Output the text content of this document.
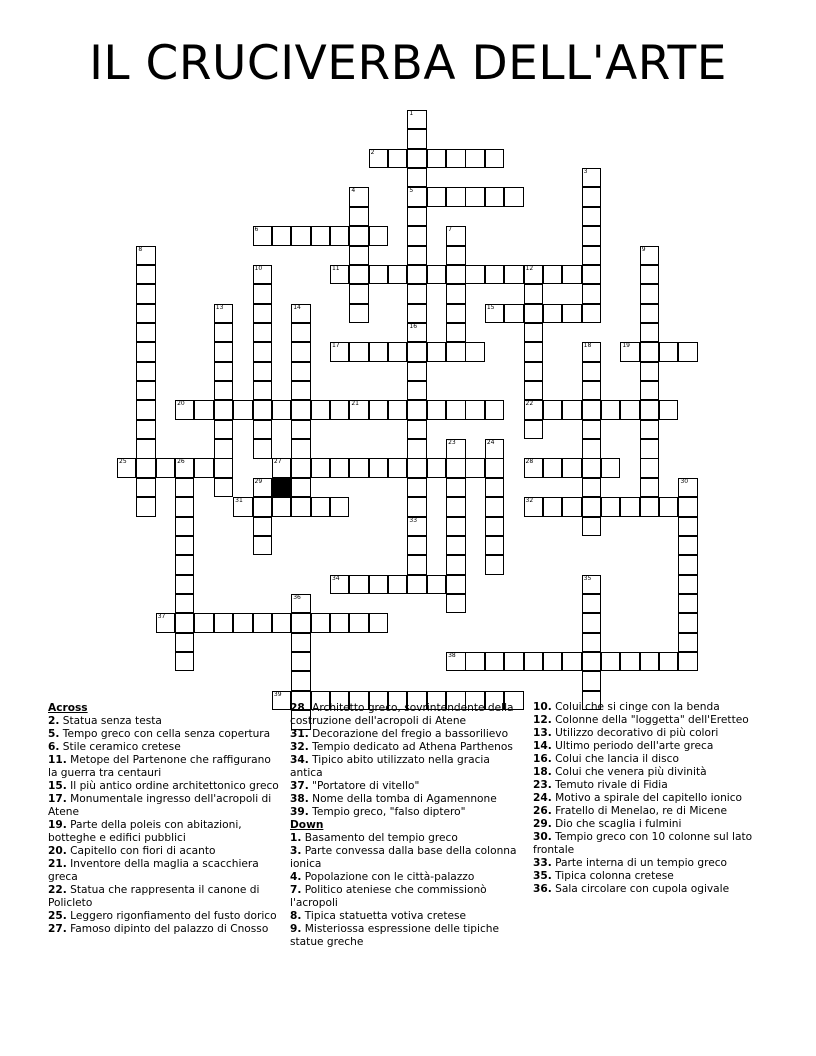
IL CRUCIVERBA DELL'ARTE
2
5
6
11	12
15
17	19
20	21	22
25	26	27	28
31	32
34
37
38
39
1
16
3
4
7
8	9
10
13	14
18
23	24
29	30
33
35
36
Across
2. Statua senza testa
5. Tempo greco con cella senza copertura
6. Stile ceramico cretese
11. Metope del Partenone che raffigurano la guerra tra centauri
15. Il più antico ordine architettonico greco
17. Monumentale ingresso dell'acropoli di Atene
19. Parte della poleis con abitazioni, botteghe e edifici pubblici
20. Capitello con fiori di acanto
21. Inventore della maglia a scacchiera greca
22. Statua che rappresenta il canone di Policleto
25. Leggero rigonfiamento del fusto dorico
27. Famoso dipinto del palazzo di Cnosso
28. Architetto greco, sovrintendente della costruzione dell'acropoli di Atene
31. Decorazione del fregio a bassorilievo
32. Tempio dedicato ad Athena Parthenos
34. Tipico abito utilizzato nella gracia antica
37. "Portatore di vitello"
38. Nome della tomba di Agamennone
39. Tempio greco, "falso diptero"
Down
1. Basamento del tempio greco
3. Parte convessa dalla base della colonna ionica
4. Popolazione con le città-palazzo
7. Politico ateniese che commissionò l'acropoli
8. Tipica statuetta votiva cretese
9. Misteriossa espressione delle tipiche statue greche
10. Colui che si cinge con la benda
12. Colonne della "loggetta" dell'Eretteo
13. Utilizzo decorativo di più colori
14. Ultimo periodo dell'arte greca
16. Colui che lancia il disco
18. Colui che venera più divinità
23. Temuto rivale di Fidia
24. Motivo a spirale del capitello ionico
26. Fratello di Menelao, re di Micene
29. Dio che scaglia i fulmini
30. Tempio greco con 10 colonne sul lato frontale
33. Parte interna di un tempio greco
35. Tipica colonna cretese
36. Sala circolare con cupola ogivale
